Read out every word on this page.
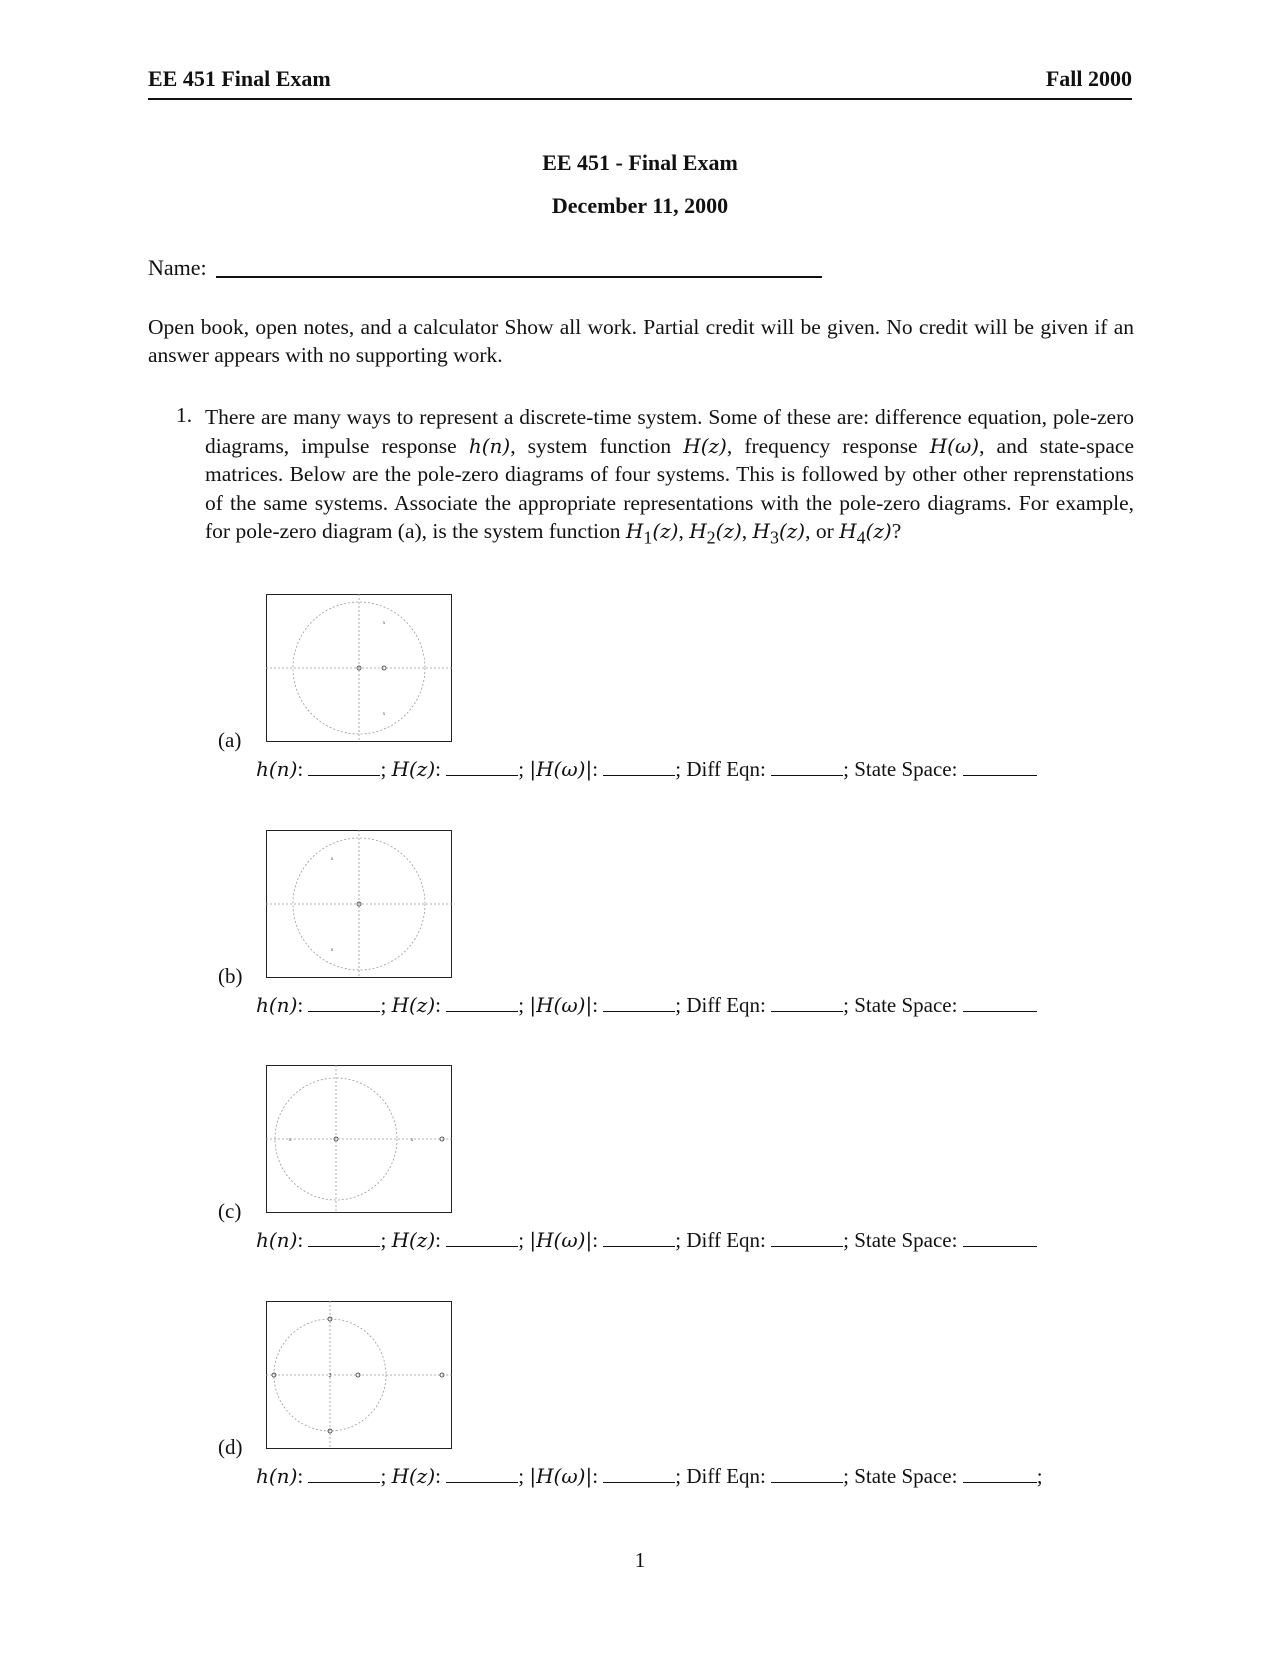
EE 451 Final Exam	Fall 2000
EE 451 - Final Exam
December 11, 2000
Name:
Open book, open notes, and a calculator Show all work. Partial credit will be given. No credit will be given if an answer appears with no supporting work.
1. There are many ways to represent a discrete-time system. Some of these are: difference equation, pole-zero diagrams, impulse response h(n), system function H(z), frequency response H(ω), and state-space matrices. Below are the pole-zero diagrams of four systems. This is followed by other other reprenstations of the same systems. Associate the appropriate representations with the pole-zero diagrams. For example, for pole-zero diagram (a), is the system function $H_1(z)$, $H_2(z)$, $H_3(z)$, or $H_4(z)$?
x
x
(a)
h(n):	; H(z):	; |H(ω)|:	; Diff Eqn:	; State Space:
x
x
(b)
h(n):	; H(z):	; |H(ω)|:	; Diff Eqn:	; State Space:
x	x
(c)
h(n):	; H(z):	; |H(ω)|:	; Diff Eqn:	; State Space:
2
(d)
h(n):	; H(z):	; |H(ω)|:	; Diff Eqn:	; State Space:	;
1
